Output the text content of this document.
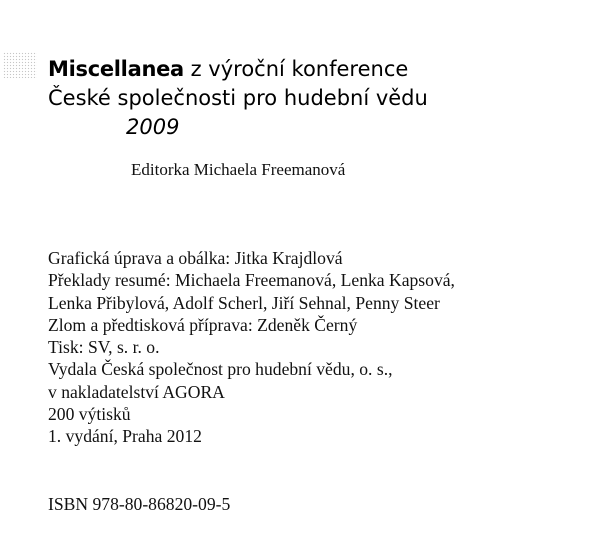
Miscellanea z výroční konference
České společnosti pro hudební vědu
2009
Editorka Michaela Freemanová
Grafická úprava a obálka: Jitka Krajdlová
Překlady resumé: Michaela Freemanová, Lenka Kapsová,
Lenka Přibylová, Adolf Scherl, Jiří Sehnal, Penny Steer
Zlom a předtisková příprava: Zdeněk Černý
Tisk: SV, s. r. o.
Vydala Česká společnost pro hudební vědu, o. s.,
v nakladatelství AGORA
200 výtisků
1. vydání, Praha 2012
ISBN 978-80-86820-09-5
